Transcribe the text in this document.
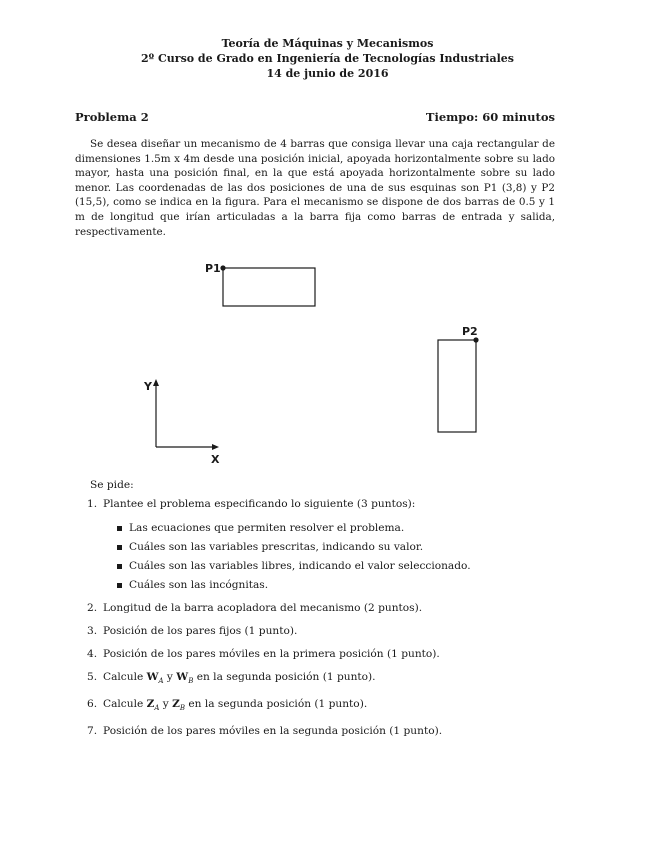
Teoría de Máquinas y Mecanismos
2º Curso de Grado en Ingeniería de Tecnologías Industriales
14 de junio de 2016
Problema 2	Tiempo: 60 minutos

Se desea diseñar un mecanismo de 4 barras que consiga llevar una caja rectangular de dimensiones 1.5m x 4m desde una posición inicial, apoyada horizontalmente sobre su lado mayor, hasta una posición final, en la que está apoyada horizontalmente sobre su lado menor. Las coordenadas de las dos posiciones de una de sus esquinas son P1 (3,8) y P2 (15,5), como se indica en la figura. Para el mecanismo se dispone de dos barras de 0.5 y 1 m de longitud que irían articuladas a la barra fija como barras de entrada y salida, respectivamente.

P1
P2
Y
X
Se pide:
1. Plantee el problema especificando lo siguiente (3 puntos):
Las ecuaciones que permiten resolver el problema.
Cuáles son las variables prescritas, indicando su valor.
Cuáles son las variables libres, indicando el valor seleccionado.
Cuáles son las incógnitas.
2. Longitud de la barra acopladora del mecanismo (2 puntos).
3. Posición de los pares fijos (1 punto).
4. Posición de los pares móviles en la primera posición (1 punto).
5. Calcule $W_A$ y $W_B$ en la segunda posición (1 punto).
6. Calcule $Z_A$ y $Z_B$ en la segunda posición (1 punto).
7. Posición de los pares móviles en la segunda posición (1 punto).
